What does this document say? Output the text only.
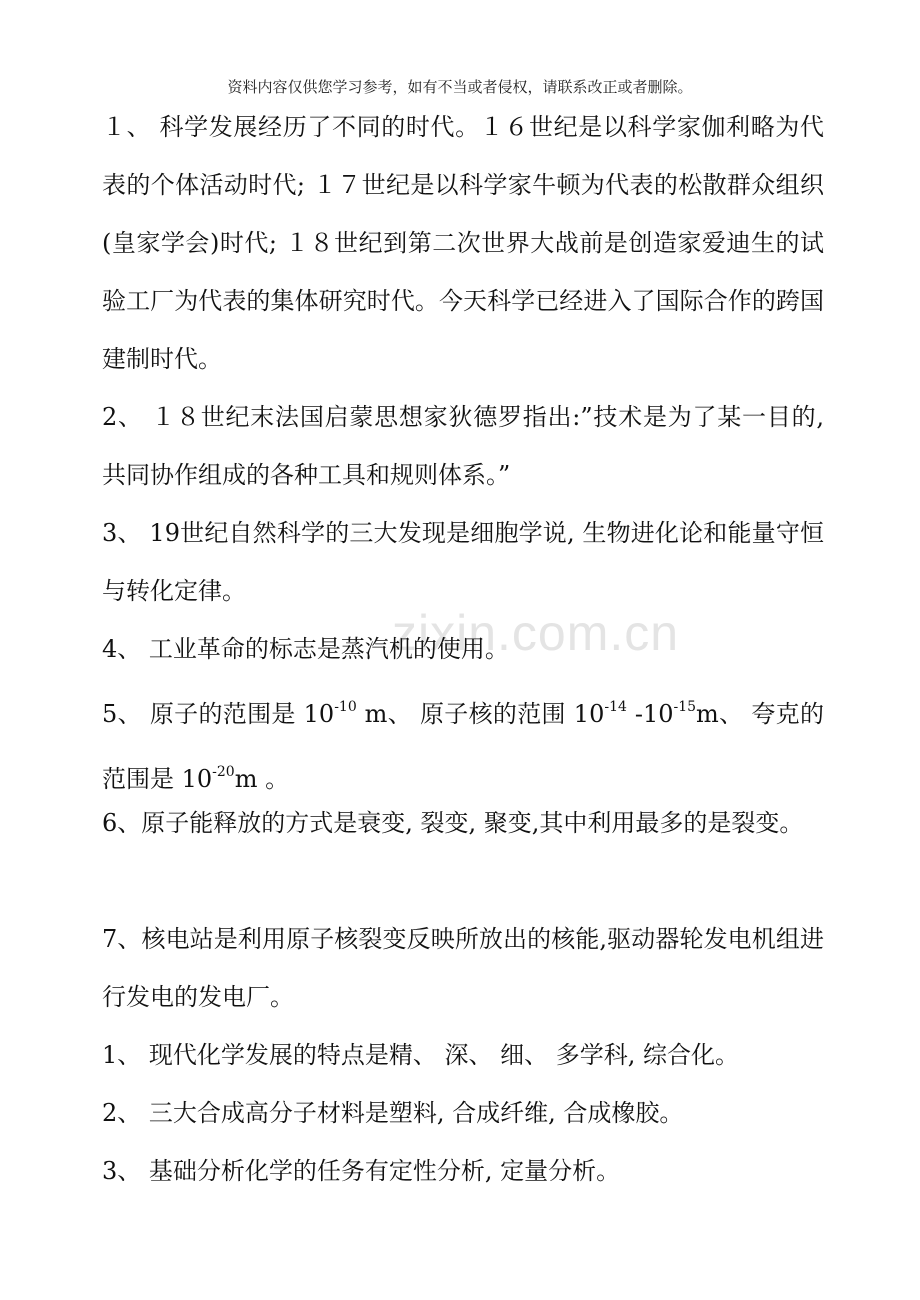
资料内容仅供您学习参考，如有不当或者侵权，请联系改正或者删除。
zixin.com.cn

１、 科学发展经历了不同的时代。１６世纪是以科学家伽利略为代表的个体活动时代; １７世纪是以科学家牛顿为代表的松散群众组织(皇家学会)时代; １８世纪到第二次世界大战前是创造家爱迪生的试验工厂为代表的集体研究时代。今天科学已经进入了国际合作的跨国建制时代。

2、 １８世纪末法国启蒙思想家狄德罗指出:”技术是为了某一目的, 共同协作组成的各种工具和规则体系。”

3、 19世纪自然科学的三大发现是细胞学说, 生物进化论和能量守恒与转化定律。

4、 工业革命的标志是蒸汽机的使用。

5、 原子的范围是 $10^{-10}$ m、 原子核的范围 $10^{-14}$ $-10^{-15}m$、 夸克的范围是 $10^{-20}m$ 。

6、原子能释放的方式是衰变, 裂变, 聚变,其中利用最多的是裂变。

7、核电站是利用原子核裂变反映所放出的核能,驱动器轮发电机组进行发电的发电厂。

1、 现代化学发展的特点是精、 深、 细、 多学科, 综合化。

2、 三大合成高分子材料是塑料, 合成纤维, 合成橡胶。

3、 基础分析化学的任务有定性分析, 定量分析。
